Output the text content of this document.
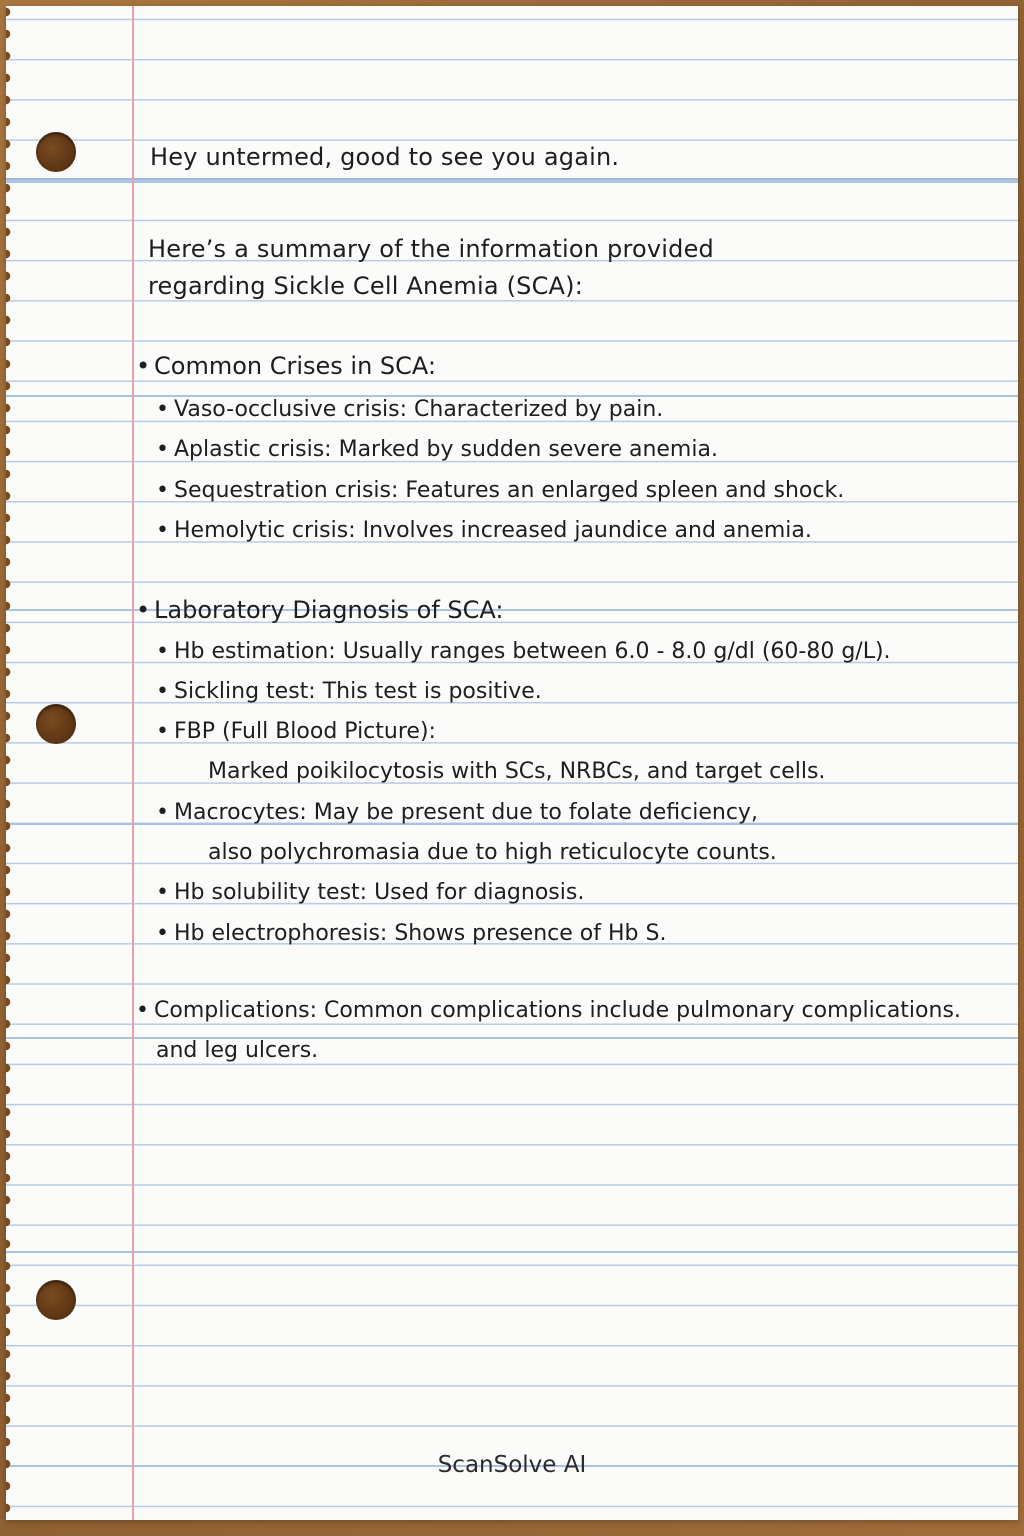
Hey untermed, good to see you again.
Here’s a summary of the information provided
regarding Sickle Cell Anemia (SCA):
• Common Crises in SCA:
• Vaso-occlusive crisis: Characterized by pain.
• Aplastic crisis: Marked by sudden severe anemia.
• Sequestration crisis: Features an enlarged spleen and shock.
• Hemolytic crisis: Involves increased jaundice and anemia.
• Laboratory Diagnosis of SCA:
• Hb estimation: Usually ranges between 6.0 - 8.0 g/dl (60-80 g/L).
• Sickling test: This test is positive.
• FBP (Full Blood Picture):
Marked poikilocytosis with SCs, NRBCs, and target cells.
• Macrocytes: May be present due to folate deficiency,
also polychromasia due to high reticulocyte counts.
• Hb solubility test: Used for diagnosis.
• Hb electrophoresis: Shows presence of Hb S.
• Complications: Common complications include pulmonary complications.
and leg ulcers.
ScanSolve AI
